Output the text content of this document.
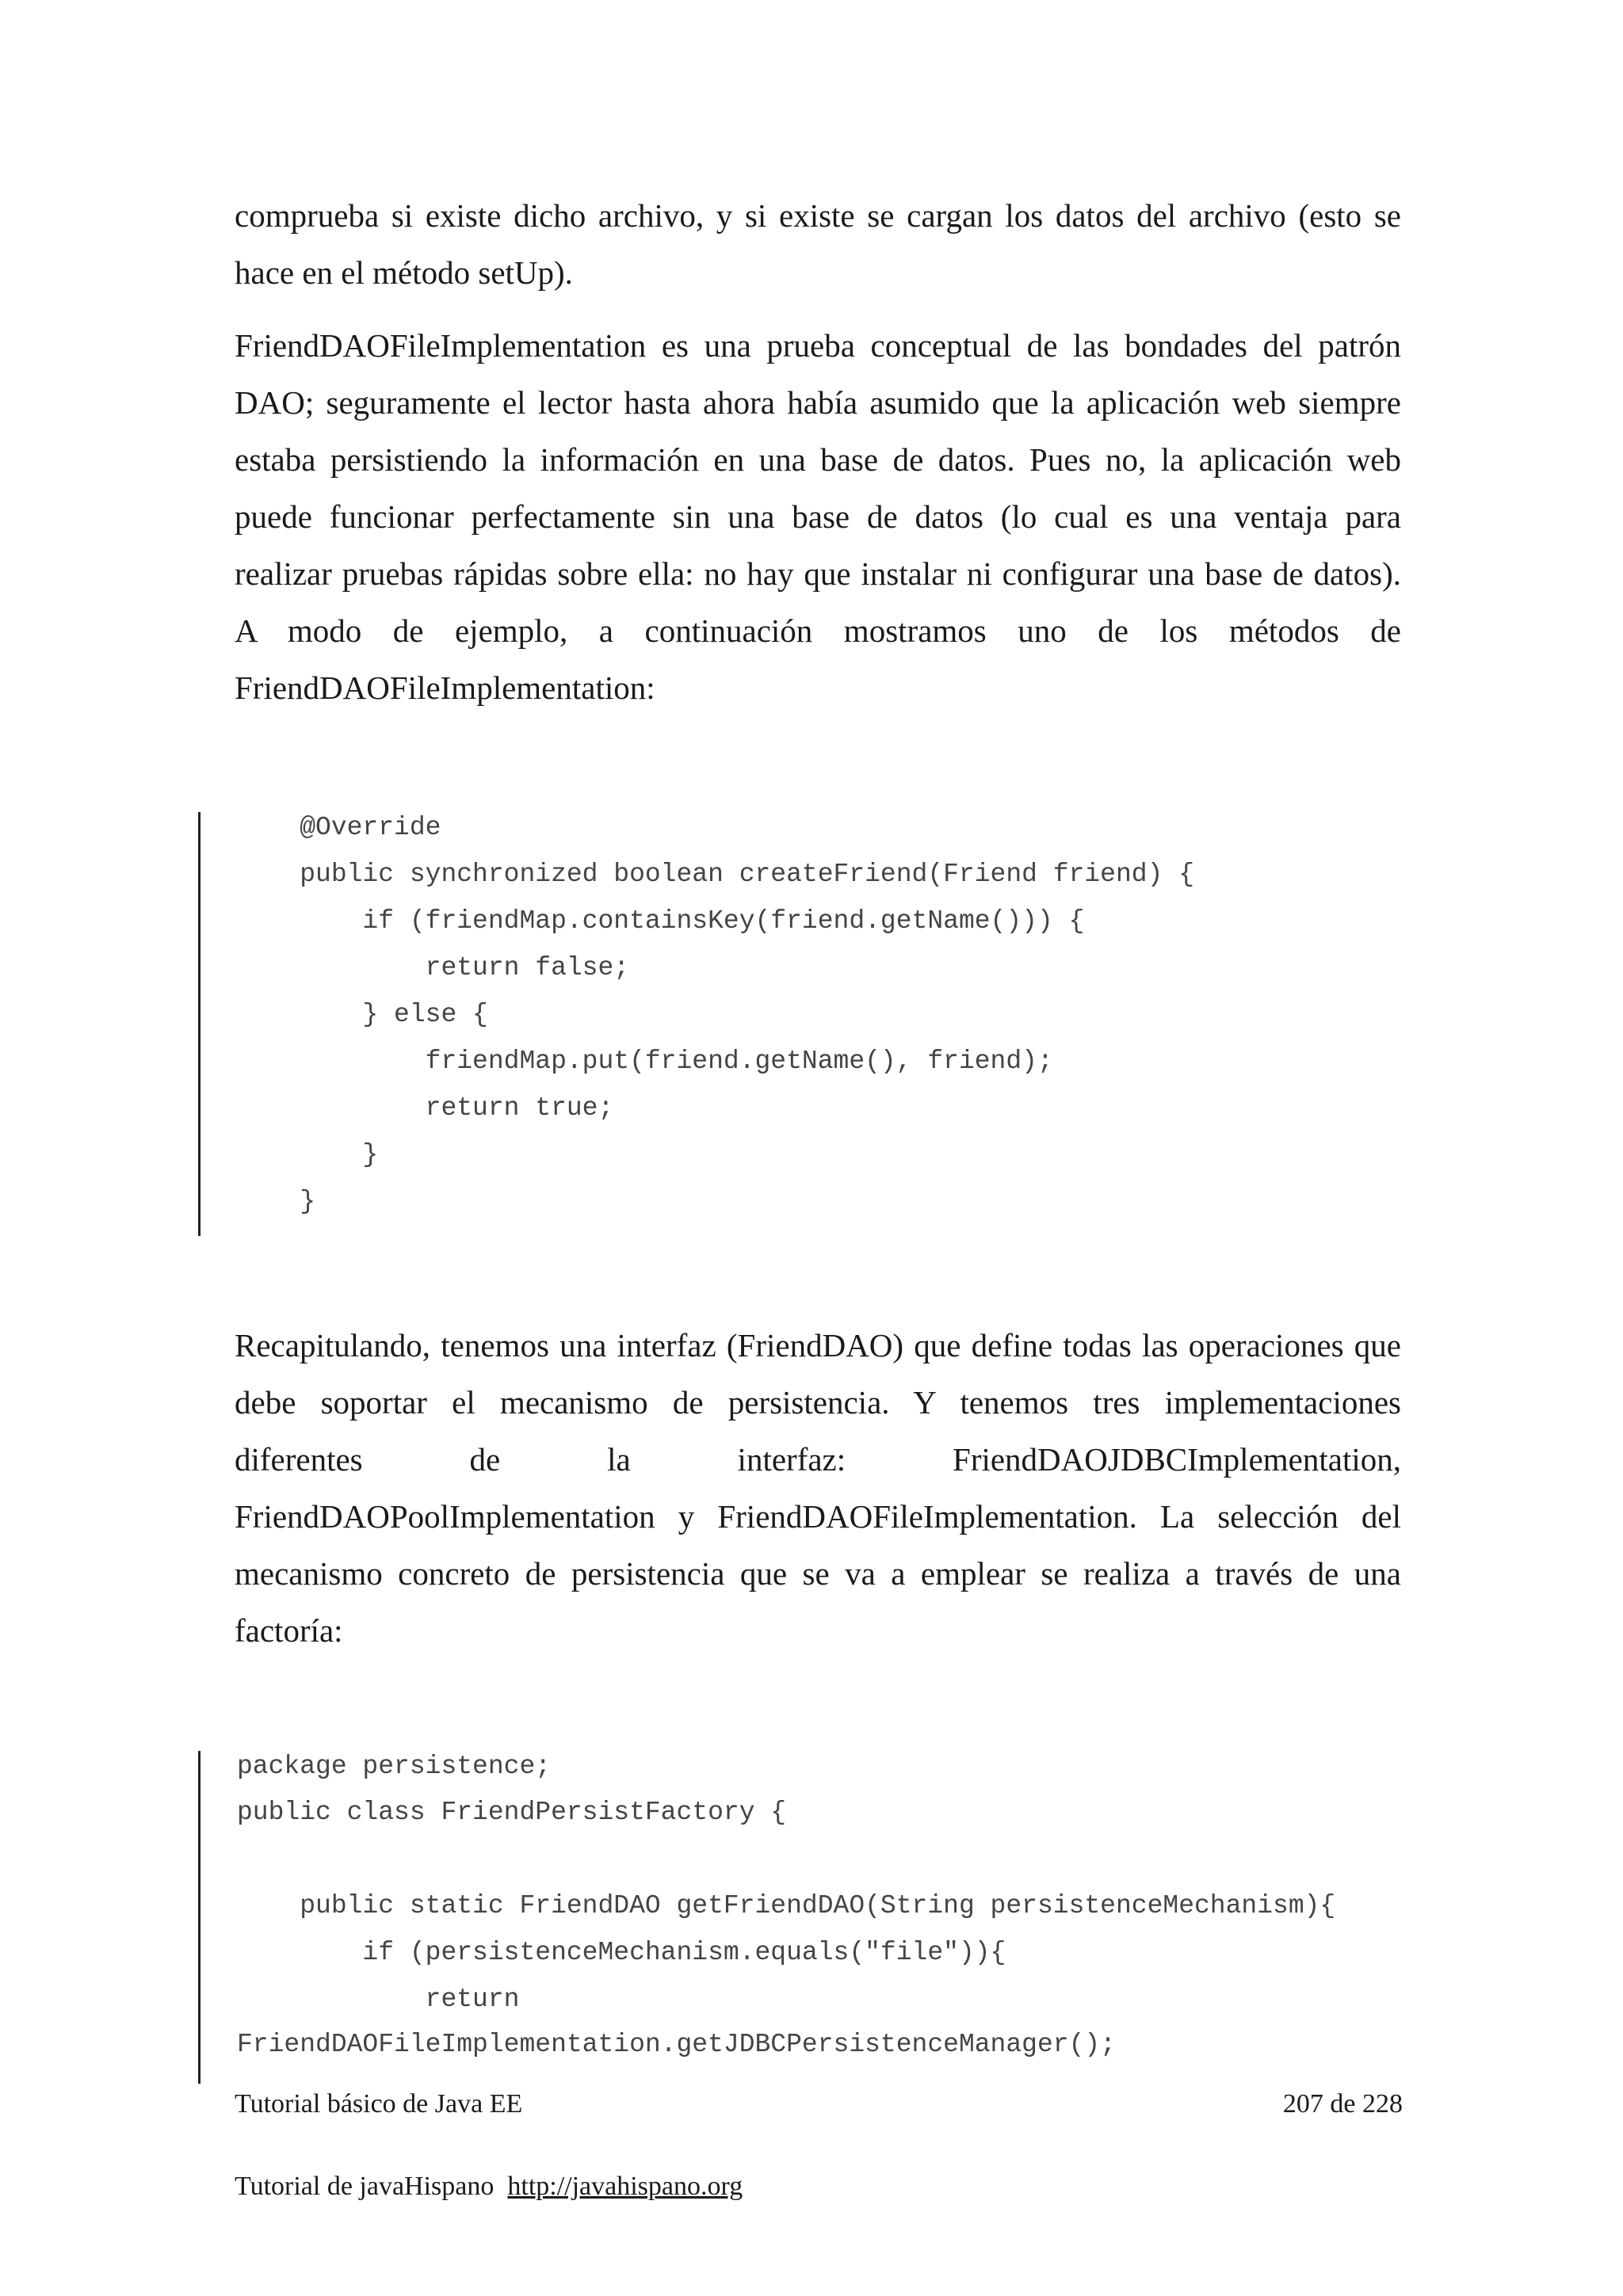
comprueba si existe dicho archivo, y si existe se cargan los datos del archivo (esto se
hace en el método setUp).
FriendDAOFileImplementation es una prueba conceptual de las bondades del patrón
DAO; seguramente el lector hasta ahora había asumido que la aplicación web siempre
estaba persistiendo la información en una base de datos. Pues no, la aplicación web
puede funcionar perfectamente sin una base de datos (lo cual es una ventaja para
realizar pruebas rápidas sobre ella: no hay que instalar ni configurar una base de datos).
A modo de ejemplo, a continuación mostramos uno de los métodos de
FriendDAOFileImplementation:
@Override
public synchronized boolean createFriend(Friend friend) {
if (friendMap.containsKey(friend.getName())) {
return false;
} else {
friendMap.put(friend.getName(), friend);
return true;
}
}
Recapitulando, tenemos una interfaz (FriendDAO) que define todas las operaciones que
debe soportar el mecanismo de persistencia. Y tenemos tres implementaciones
diferentes de la interfaz: FriendDAOJDBCImplementation,
FriendDAOPoolImplementation y FriendDAOFileImplementation. La selección del
mecanismo concreto de persistencia que se va a emplear se realiza a través de una
factoría:
package persistence;
public class FriendPersistFactory {
public static FriendDAO getFriendDAO(String persistenceMechanism){
if (persistenceMechanism.equals("file")){
return
FriendDAOFileImplementation.getJDBCPersistenceManager();
Tutorial básico de Java EE	207 de 228
Tutorial de javaHispano http://javahispano.org
